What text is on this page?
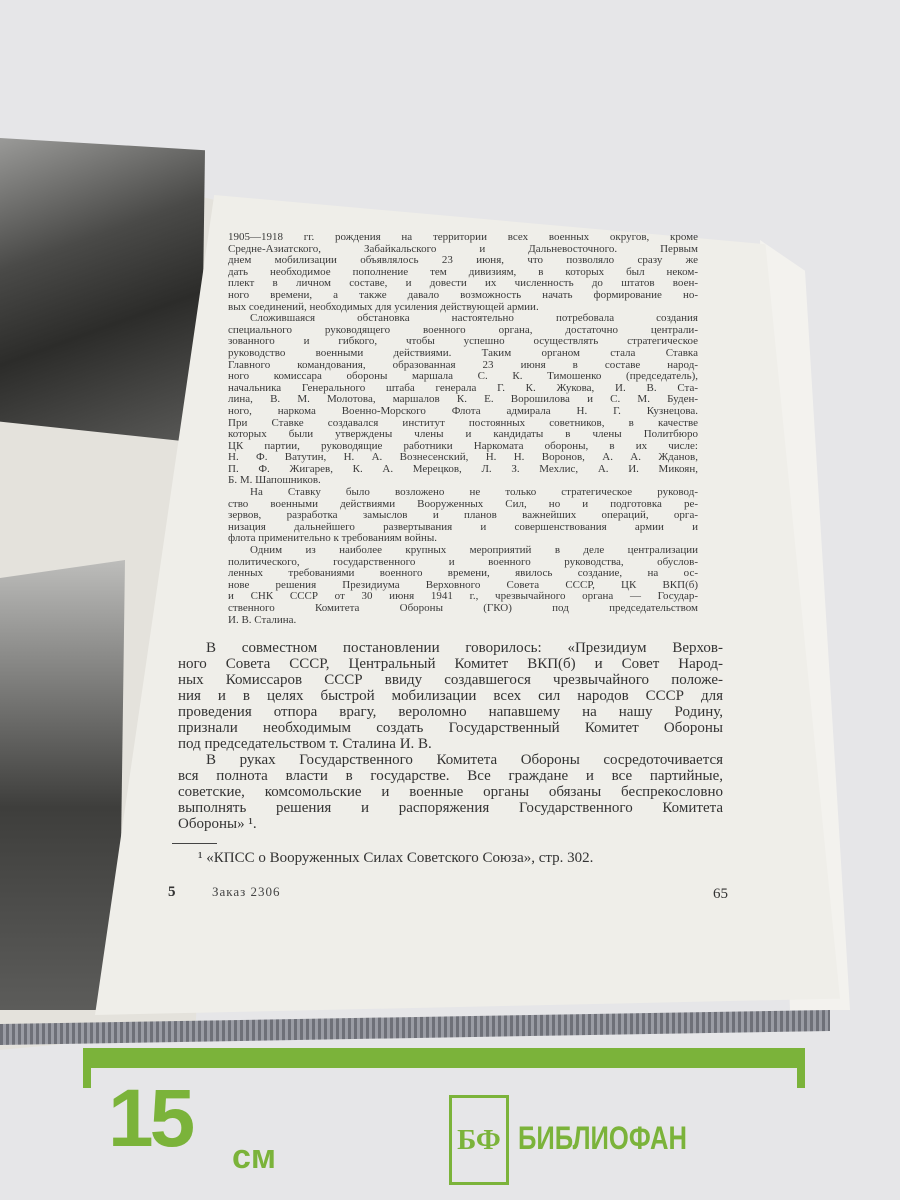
1905—1918 гг. рождения на территории всех военных округов, кроме
Средне-Азиатского, Забайкальского и Дальневосточного. Первым
днем мобилизации объявлялось 23 июня, что позволяло сразу же
дать необходимое пополнение тем дивизиям, в которых был неком-
плект в личном составе, и довести их численность до штатов воен-
ного времени, а также давало возможность начать формирование но-
вых соединений, необходимых для усиления действующей армии.
Сложившаяся обстановка настоятельно потребовала создания
специального руководящего военного органа, достаточно централи-
зованного и гибкого, чтобы успешно осуществлять стратегическое
руководство военными действиями. Таким органом стала Ставка
Главного командования, образованная 23 июня в составе народ-
ного комиссара обороны маршала С. К. Тимошенко (председатель),
начальника Генерального штаба генерала Г. К. Жукова, И. В. Ста-
лина, В. М. Молотова, маршалов К. Е. Ворошилова и С. М. Буден-
ного, наркома Военно-Морского Флота адмирала Н. Г. Кузнецова.
При Ставке создавался институт постоянных советников, в качестве
которых были утверждены члены и кандидаты в члены Политбюро
ЦК партии, руководящие работники Наркомата обороны, в их числе:
Н. Ф. Ватутин, Н. А. Вознесенский, Н. Н. Воронов, А. А. Жданов,
П. Ф. Жигарев, К. А. Мерецков, Л. З. Мехлис, А. И. Микоян,
Б. М. Шапошников.
На Ставку было возложено не только стратегическое руковод-
ство военными действиями Вооруженных Сил, но и подготовка ре-
зервов, разработка замыслов и планов важнейших операций, орга-
низация дальнейшего развертывания и совершенствования армии и
флота применительно к требованиям войны.
Одним из наиболее крупных мероприятий в деле централизации
политического, государственного и военного руководства, обуслов-
ленных требованиями военного времени, явилось создание, на ос-
нове решения Президиума Верховного Совета СССР, ЦК ВКП(б)
и СНК СССР от 30 июня 1941 г., чрезвычайного органа — Государ-
ственного Комитета Обороны (ГКО) под председательством
И. В. Сталина.
В совместном постановлении говорилось: «Президиум Верхов-
ного Совета СССР, Центральный Комитет ВКП(б) и Совет Народ-
ных Комиссаров СССР ввиду создавшегося чрезвычайного положе-
ния и в целях быстрой мобилизации всех сил народов СССР для
проведения отпора врагу, вероломно напавшему на нашу Родину,
признали необходимым создать Государственный Комитет Обороны
под председательством т. Сталина И. В.
В руках Государственного Комитета Обороны сосредоточивается
вся полнота власти в государстве. Все граждане и все партийные,
советские, комсомольские и военные органы обязаны беспрекословно
выполнять решения и распоряжения Государственного Комитета
Обороны» ¹.
¹ «КПСС о Вооруженных Силах Советского Союза», стр. 302.
5	Заказ 2306	65
15 см	БФ БИБЛИОФАН
